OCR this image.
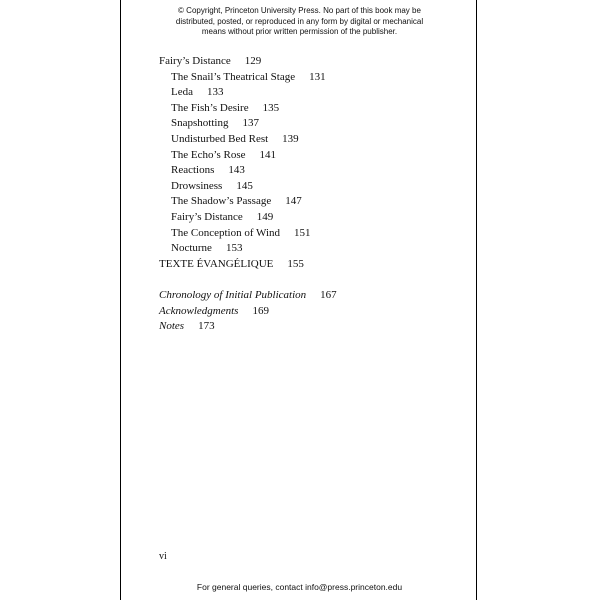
© Copyright, Princeton University Press. No part of this book may be
distributed, posted, or reproduced in any form by digital or mechanical
means without prior written permission of the publisher.
Fairy’s Distance 129
The Snail’s Theatrical Stage 131
Leda 133
The Fish’s Desire 135
Snapshotting 137
Undisturbed Bed Rest 139
The Echo’s Rose 141
Reactions 143
Drowsiness 145
The Shadow’s Passage 147
Fairy’s Distance 149
The Conception of Wind 151
Nocturne 153
TEXTE ÉVANGÉLIQUE 155
Chronology of Initial Publication 167
Acknowledgments 169
Notes 173
vi
For general queries, contact info@press.princeton.edu
